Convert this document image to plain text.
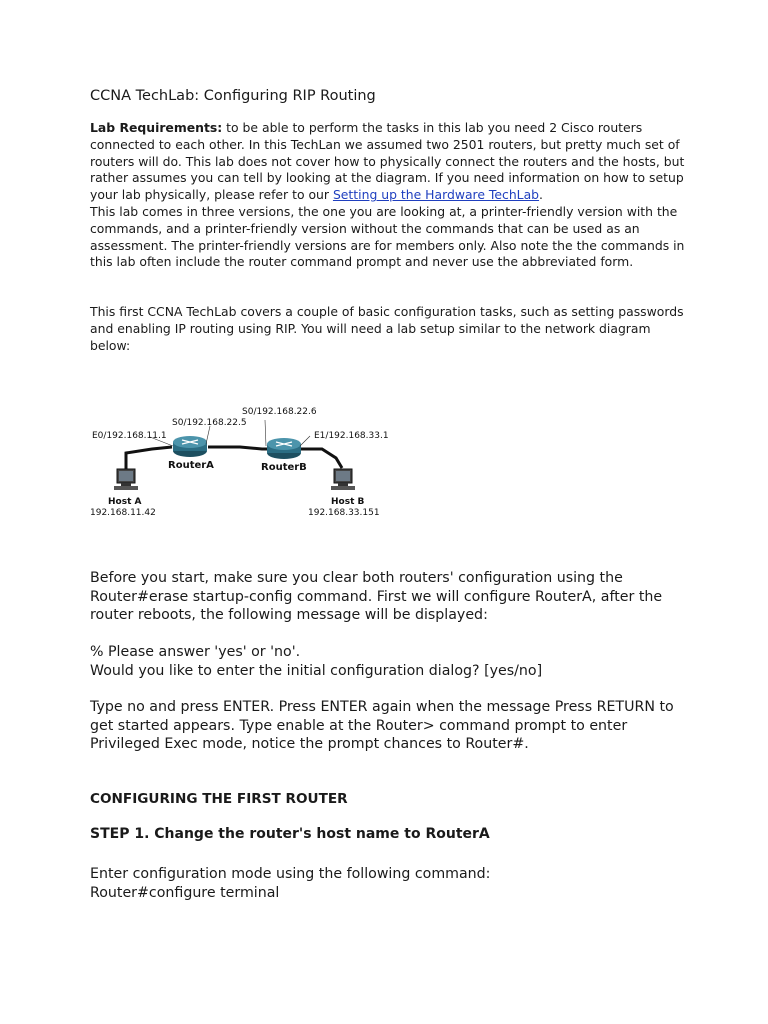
CCNA TechLab: Configuring RIP Routing

Lab Requirements: to be able to perform the tasks in this lab you need 2 Cisco routers connected to each other. In this TechLan we assumed two 2501 routers, but pretty much set of routers will do. This lab does not cover how to physically connect the routers and the hosts, but rather assumes you can tell by looking at the diagram. If you need information on how to setup your lab physically, please refer to our Setting up the Hardware TechLab.
This lab comes in three versions, the one you are looking at, a printer-friendly version with the commands, and a printer-friendly version without the commands that can be used as an assessment. The printer-friendly versions are for members only. Also note the the commands in this lab often include the router command prompt and never use the abbreviated form.

This first CCNA TechLab covers a couple of basic configuration tasks, such as setting passwords and enabling IP routing using RIP. You will need a lab setup similar to the network diagram below:

Before you start, make sure you clear both routers' configuration using the Router#erase startup-config command. First we will configure RouterA, after the router reboots, the following message will be displayed:

% Please answer 'yes' or 'no'.
Would you like to enter the initial configuration dialog? [yes/no]

Type no and press ENTER. Press ENTER again when the message Press RETURN to get started appears. Type enable at the Router> command prompt to enter Privileged Exec mode, notice the prompt chances to Router#.

CONFIGURING THE FIRST ROUTER
STEP 1. Change the router's host name to RouterA

Enter configuration mode using the following command:
Router#configure terminal

E0/192.168.11.1
S0/192.168.22.5
S0/192.168.22.6
E1/192.168.33.1
RouterA	RouterB
Host A
192.168.11.42
Host B
192.168.33.151
